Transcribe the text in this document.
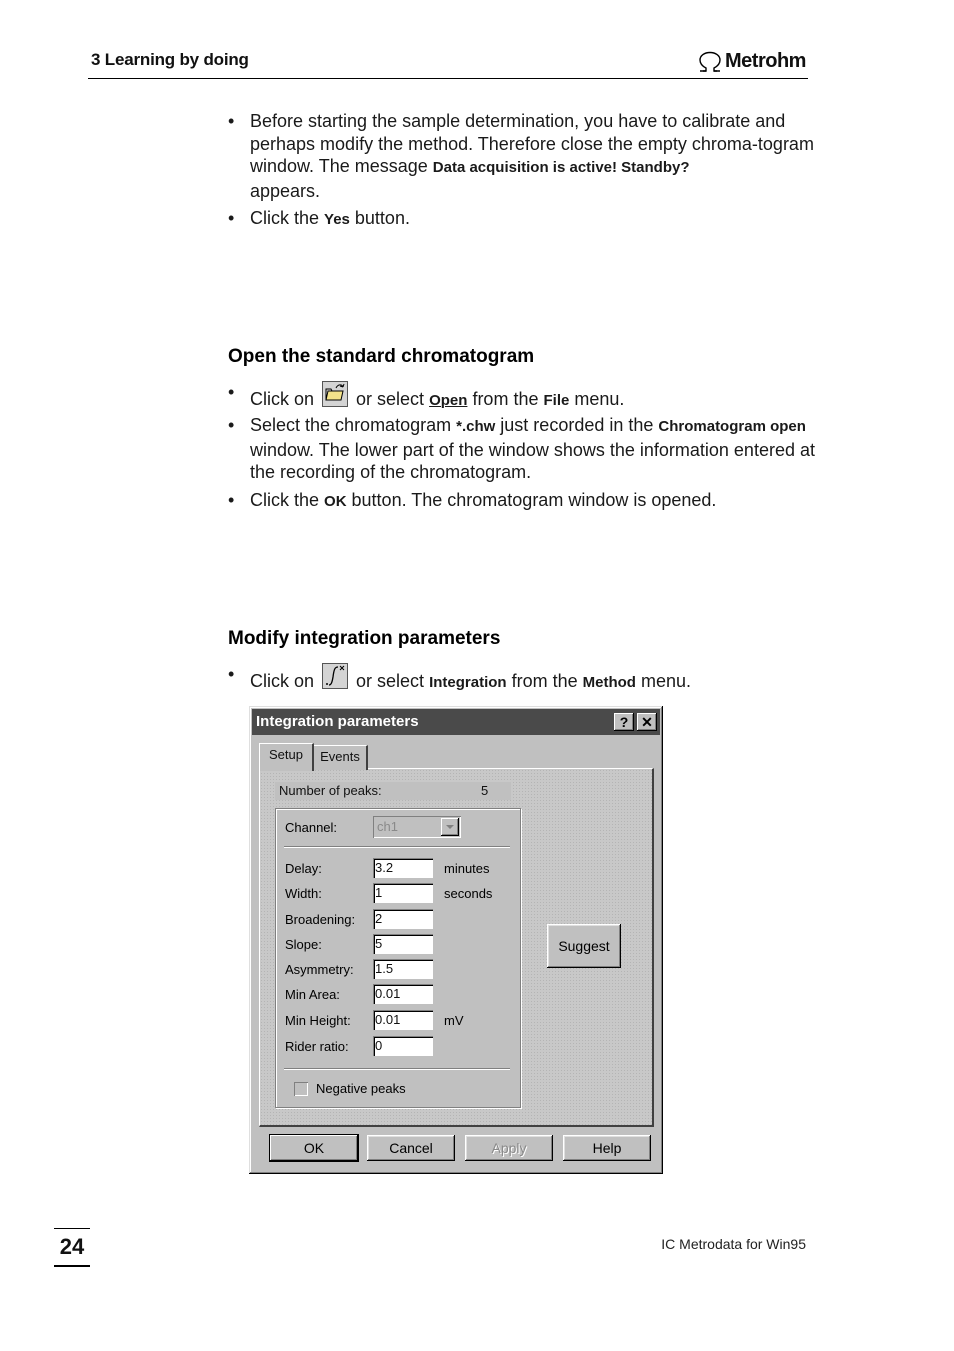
3 Learning by doing	Metrohm
• Before starting the sample determination, you have to calibrate and perhaps modify the method. Therefore close the empty chroma-togram window. The message Data acquisition is active! Standby?
appears.
• Click the Yes button.
Open the standard chromatogram
• Click on or select Open from the File menu.
• Select the chromatogram *.chw just recorded in the Chromatogram open window. The lower part of the window shows the information entered at the recording of the chromatogram.
• Click the OK button. The chromatogram window is opened.
Modify integration parameters
• Click on or select Integration from the Method menu.
Integration parameters	? ✕
Setup	Events
Number of peaks:	5
Suggest
OK	Cancel	Apply	Help
Channel:	ch1
Delay:	3.2	minutes
Width:	1	seconds
Broadening: 2
Slope:	5
Asymmetry: 1.5
Min Area:	0.01
Min Height: 0.01	mV
Rider ratio: 0
Negative peaks
24	IC Metrodata for Win95
